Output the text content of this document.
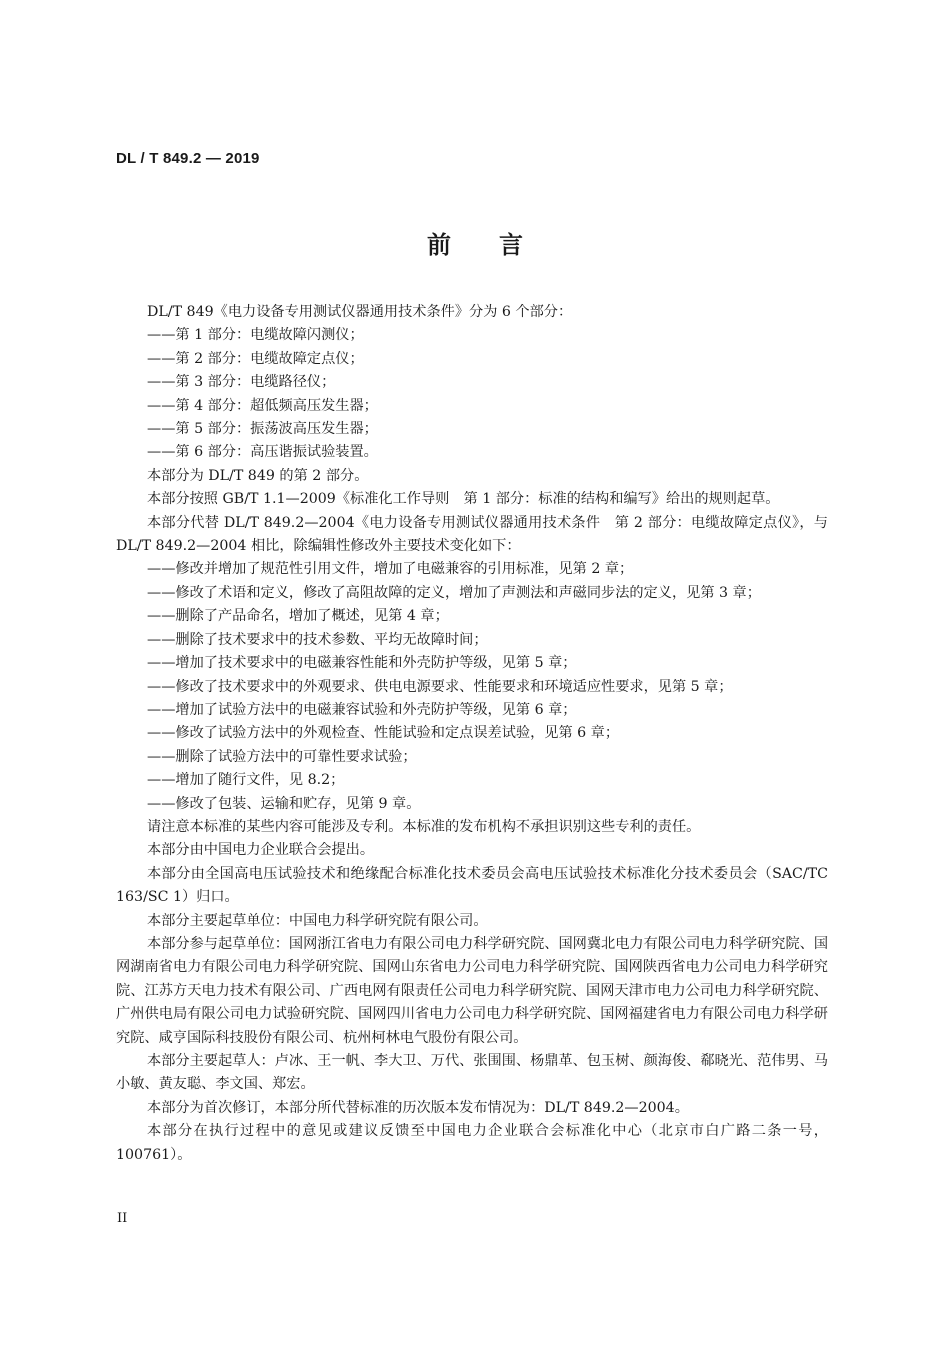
DL / T 849.2 — 2019
前言

DL/T 849《电力设备专用测试仪器通用技术条件》分为 6 个部分：

——第 1 部分：电缆故障闪测仪；

——第 2 部分：电缆故障定点仪；

——第 3 部分：电缆路径仪；

——第 4 部分：超低频高压发生器；

——第 5 部分：振荡波高压发生器；

——第 6 部分：高压谐振试验装置。

本部分为 DL/T 849 的第 2 部分。

本部分按照 GB/T 1.1—2009《标准化工作导则　第 1 部分：标准的结构和编写》给出的规则起草。

本部分代替 DL/T 849.2—2004《电力设备专用测试仪器通用技术条件　第 2 部分：电缆故障定点仪》，与 DL/T 849.2—2004 相比，除编辑性修改外主要技术变化如下：

——修改并增加了规范性引用文件，增加了电磁兼容的引用标准，见第 2 章；

——修改了术语和定义，修改了高阻故障的定义，增加了声测法和声磁同步法的定义，见第 3 章；

——删除了产品命名，增加了概述，见第 4 章；

——删除了技术要求中的技术参数、平均无故障时间；

——增加了技术要求中的电磁兼容性能和外壳防护等级，见第 5 章；

——修改了技术要求中的外观要求、供电电源要求、性能要求和环境适应性要求，见第 5 章；

——增加了试验方法中的电磁兼容试验和外壳防护等级，见第 6 章；

——修改了试验方法中的外观检查、性能试验和定点误差试验，见第 6 章；

——删除了试验方法中的可靠性要求试验；

——增加了随行文件，见 8.2；

——修改了包装、运输和贮存，见第 9 章。

请注意本标准的某些内容可能涉及专利。本标准的发布机构不承担识别这些专利的责任。

本部分由中国电力企业联合会提出。

本部分由全国高电压试验技术和绝缘配合标准化技术委员会高电压试验技术标准化分技术委员会（SAC/TC 163/SC 1）归口。

本部分主要起草单位：中国电力科学研究院有限公司。

本部分参与起草单位：国网浙江省电力有限公司电力科学研究院、国网冀北电力有限公司电力科学研究院、国网湖南省电力有限公司电力科学研究院、国网山东省电力公司电力科学研究院、国网陕西省电力公司电力科学研究院、江苏方天电力技术有限公司、广西电网有限责任公司电力科学研究院、国网天津市电力公司电力科学研究院、广州供电局有限公司电力试验研究院、国网四川省电力公司电力科学研究院、国网福建省电力有限公司电力科学研究院、咸亨国际科技股份有限公司、杭州柯林电气股份有限公司。

本部分主要起草人：卢冰、王一帆、李大卫、万代、张围围、杨鼎革、包玉树、颜海俊、郗晓光、范伟男、马小敏、黄友聪、李文国、郑宏。

本部分为首次修订，本部分所代替标准的历次版本发布情况为：DL/T 849.2—2004。

本部分在执行过程中的意见或建议反馈至中国电力企业联合会标准化中心（北京市白广路二条一号，100761）。

II
